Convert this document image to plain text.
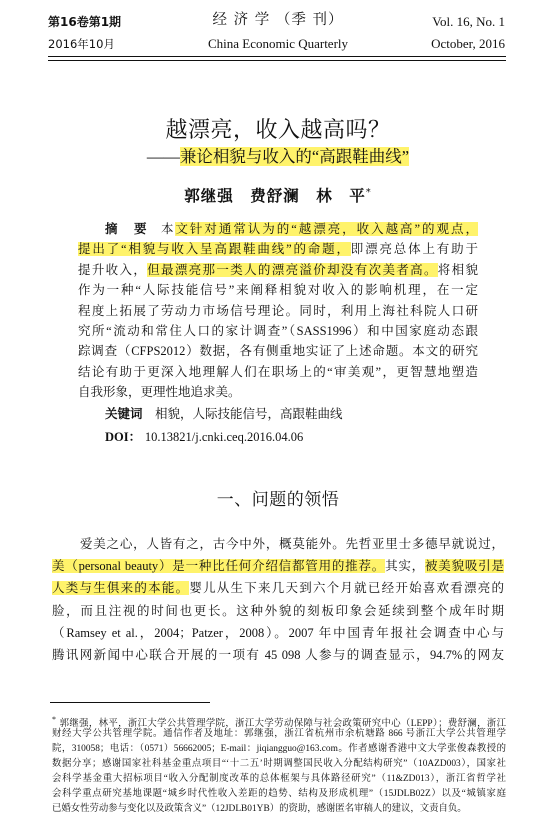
第16卷第1期
2016年10月
经 济 学 （季 刊）
China Economic Quarterly
Vol. 16, No. 1
October, 2016
越漂亮，收入越高吗？
——兼论相貌与收入的“高跟鞋曲线”
郭继强　费舒澜　林　平*
摘　要 本文针对通常认为的“越漂亮，收入越高”的观点，
提出了“相貌与收入呈高跟鞋曲线”的命题，即漂亮总体上有助于
提升收入，但最漂亮那一类人的漂亮溢价却没有次美者高。将相貌
作为一种“人际技能信号”来阐释相貌对收入的影响机理，在一定
程度上拓展了劳动力市场信号理论。同时，利用上海社科院人口研
究所“流动和常住人口的家计调查”（SASS1996）和中国家庭动态跟
踪调查（CFPS2012）数据，各有侧重地实证了上述命题。本文的研究
结论有助于更深入地理解人们在职场上的“审美观”，更智慧地塑造
自我形象，更理性地追求美。
关键词 相貌，人际技能信号，高跟鞋曲线
DOI： 10.13821/j.cnki.ceq.2016.04.06
一、问题的领悟
爱美之心，人皆有之，古今中外，概莫能外。先哲亚里士多德早就说过，
美（personal beauty）是一种比任何介绍信都管用的推荐。其实，被美貌吸引是
人类与生俱来的本能。婴儿从生下来几天到六个月就已经开始喜欢看漂亮的
脸，而且注视的时间也更长。这种外貌的刻板印象会延续到整个成年时期
（Ramsey et al.，2004；Patzer，2008）。2007 年中国青年报社会调查中心与
腾讯网新闻中心联合开展的一项有 45 098 人参与的调查显示，94.7%的网友
* 郭继强，林平，浙江大学公共管理学院，浙江大学劳动保障与社会政策研究中心（LEPP）；费舒澜，浙江
财经大学公共管理学院。通信作者及地址：郭继强，浙江省杭州市余杭塘路 866 号浙江大学公共管理学
院，310058；电话：（0571）56662005；E-mail：jiqiangguo@163.com。作者感谢香港中文大学张俊森教授的
数据分享；感谢国家社科基金重点项目“‘十二五’时期调整国民收入分配结构研究”（10AZD003），国家社
会科学基金重大招标项目“收入分配制度改革的总体框架与具体路径研究”（11&ZD013），浙江省哲学社
会科学重点研究基地课题“城乡时代性收入差距的趋势、结构及形成机理”（15JDLB02Z）以及“城镇家庭
已婚女性劳动参与变化以及政策含义”（12JDLB01YB）的资助，感谢匿名审稿人的建议，文责自负。
